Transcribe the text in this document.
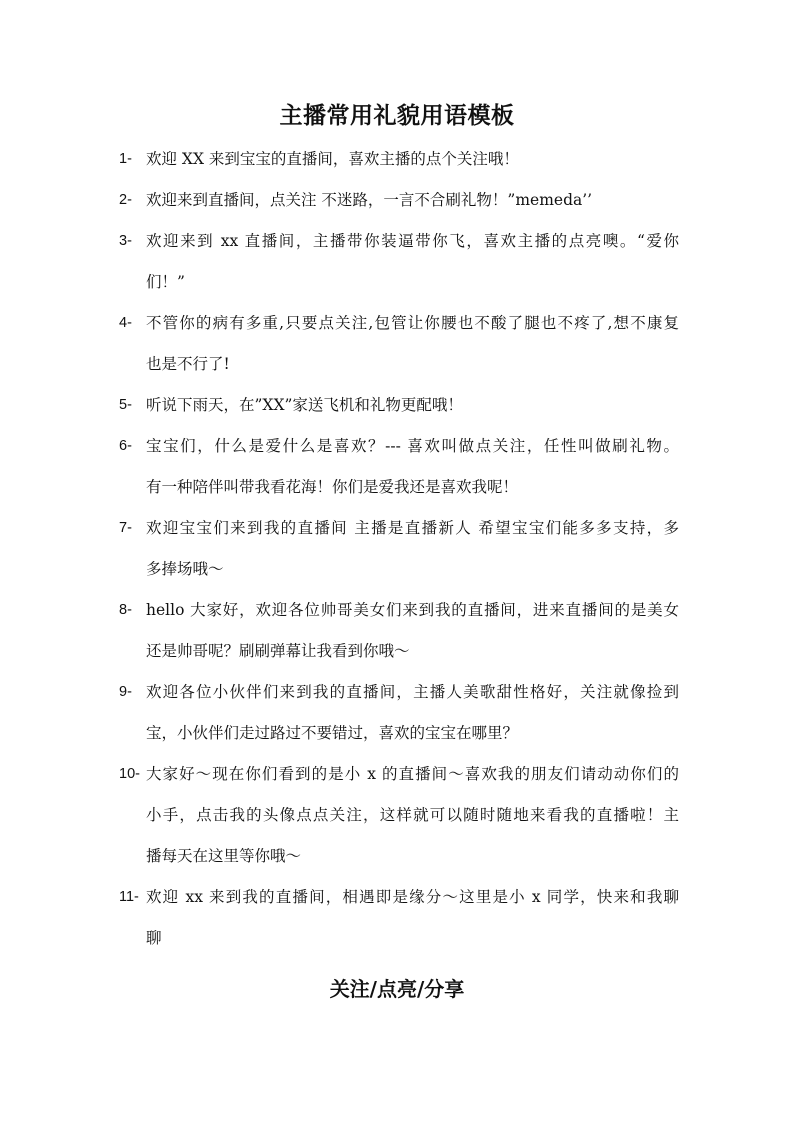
主播常用礼貌用语模板
1- 欢迎 XX 来到宝宝的直播间，喜欢主播的点个关注哦！
2- 欢迎来到直播间，点关注 不迷路，一言不合刷礼物！”memeda’’
3- 欢迎来到 xx 直播间，主播带你装逼带你飞，喜欢主播的点亮噢。“爱你
们！”
4- 不管你的病有多重,只要点关注,包管让你腰也不酸了腿也不疼了,想不康复
也是不行了!
5- 听说下雨天，在”XX”家送飞机和礼物更配哦！
6- 宝宝们，什么是爱什么是喜欢？--- 喜欢叫做点关注，任性叫做刷礼物。
有一种陪伴叫带我看花海！你们是爱我还是喜欢我呢！
7- 欢迎宝宝们来到我的直播间 主播是直播新人 希望宝宝们能多多支持，多
多捧场哦～
8- hello 大家好，欢迎各位帅哥美女们来到我的直播间，进来直播间的是美女
还是帅哥呢？刷刷弹幕让我看到你哦～
9- 欢迎各位小伙伴们来到我的直播间，主播人美歌甜性格好，关注就像捡到
宝，小伙伴们走过路过不要错过，喜欢的宝宝在哪里？
10- 大家好～现在你们看到的是小 x 的直播间～喜欢我的朋友们请动动你们的
小手，点击我的头像点点关注，这样就可以随时随地来看我的直播啦！主
播每天在这里等你哦～
11- 欢迎 xx 来到我的直播间，相遇即是缘分～这里是小 x 同学，快来和我聊
聊
关注/点亮/分享
